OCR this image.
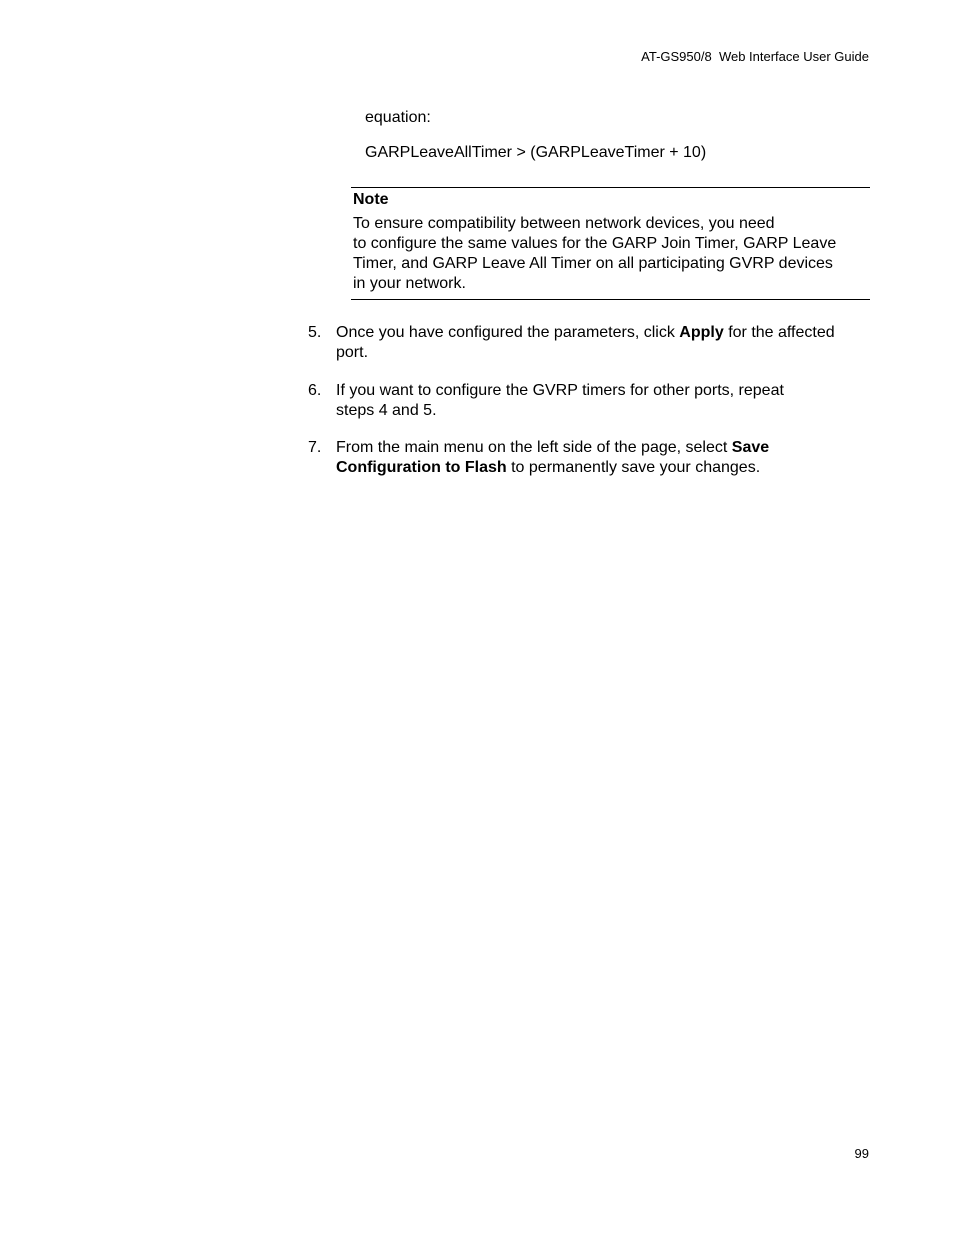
AT-GS950/8  Web Interface User Guide
equation:
GARPLeaveAllTimer > (GARPLeaveTimer + 10)
Note
To ensure compatibility between network devices, you need
to configure the same values for the GARP Join Timer, GARP Leave
Timer, and GARP Leave All Timer on all participating GVRP devices
in your network.
5. Once you have configured the parameters, click Apply for the affected
port.
6. If you want to configure the GVRP timers for other ports, repeat
steps 4 and 5.
7. From the main menu on the left side of the page, select Save
Configuration to Flash to permanently save your changes.
99
